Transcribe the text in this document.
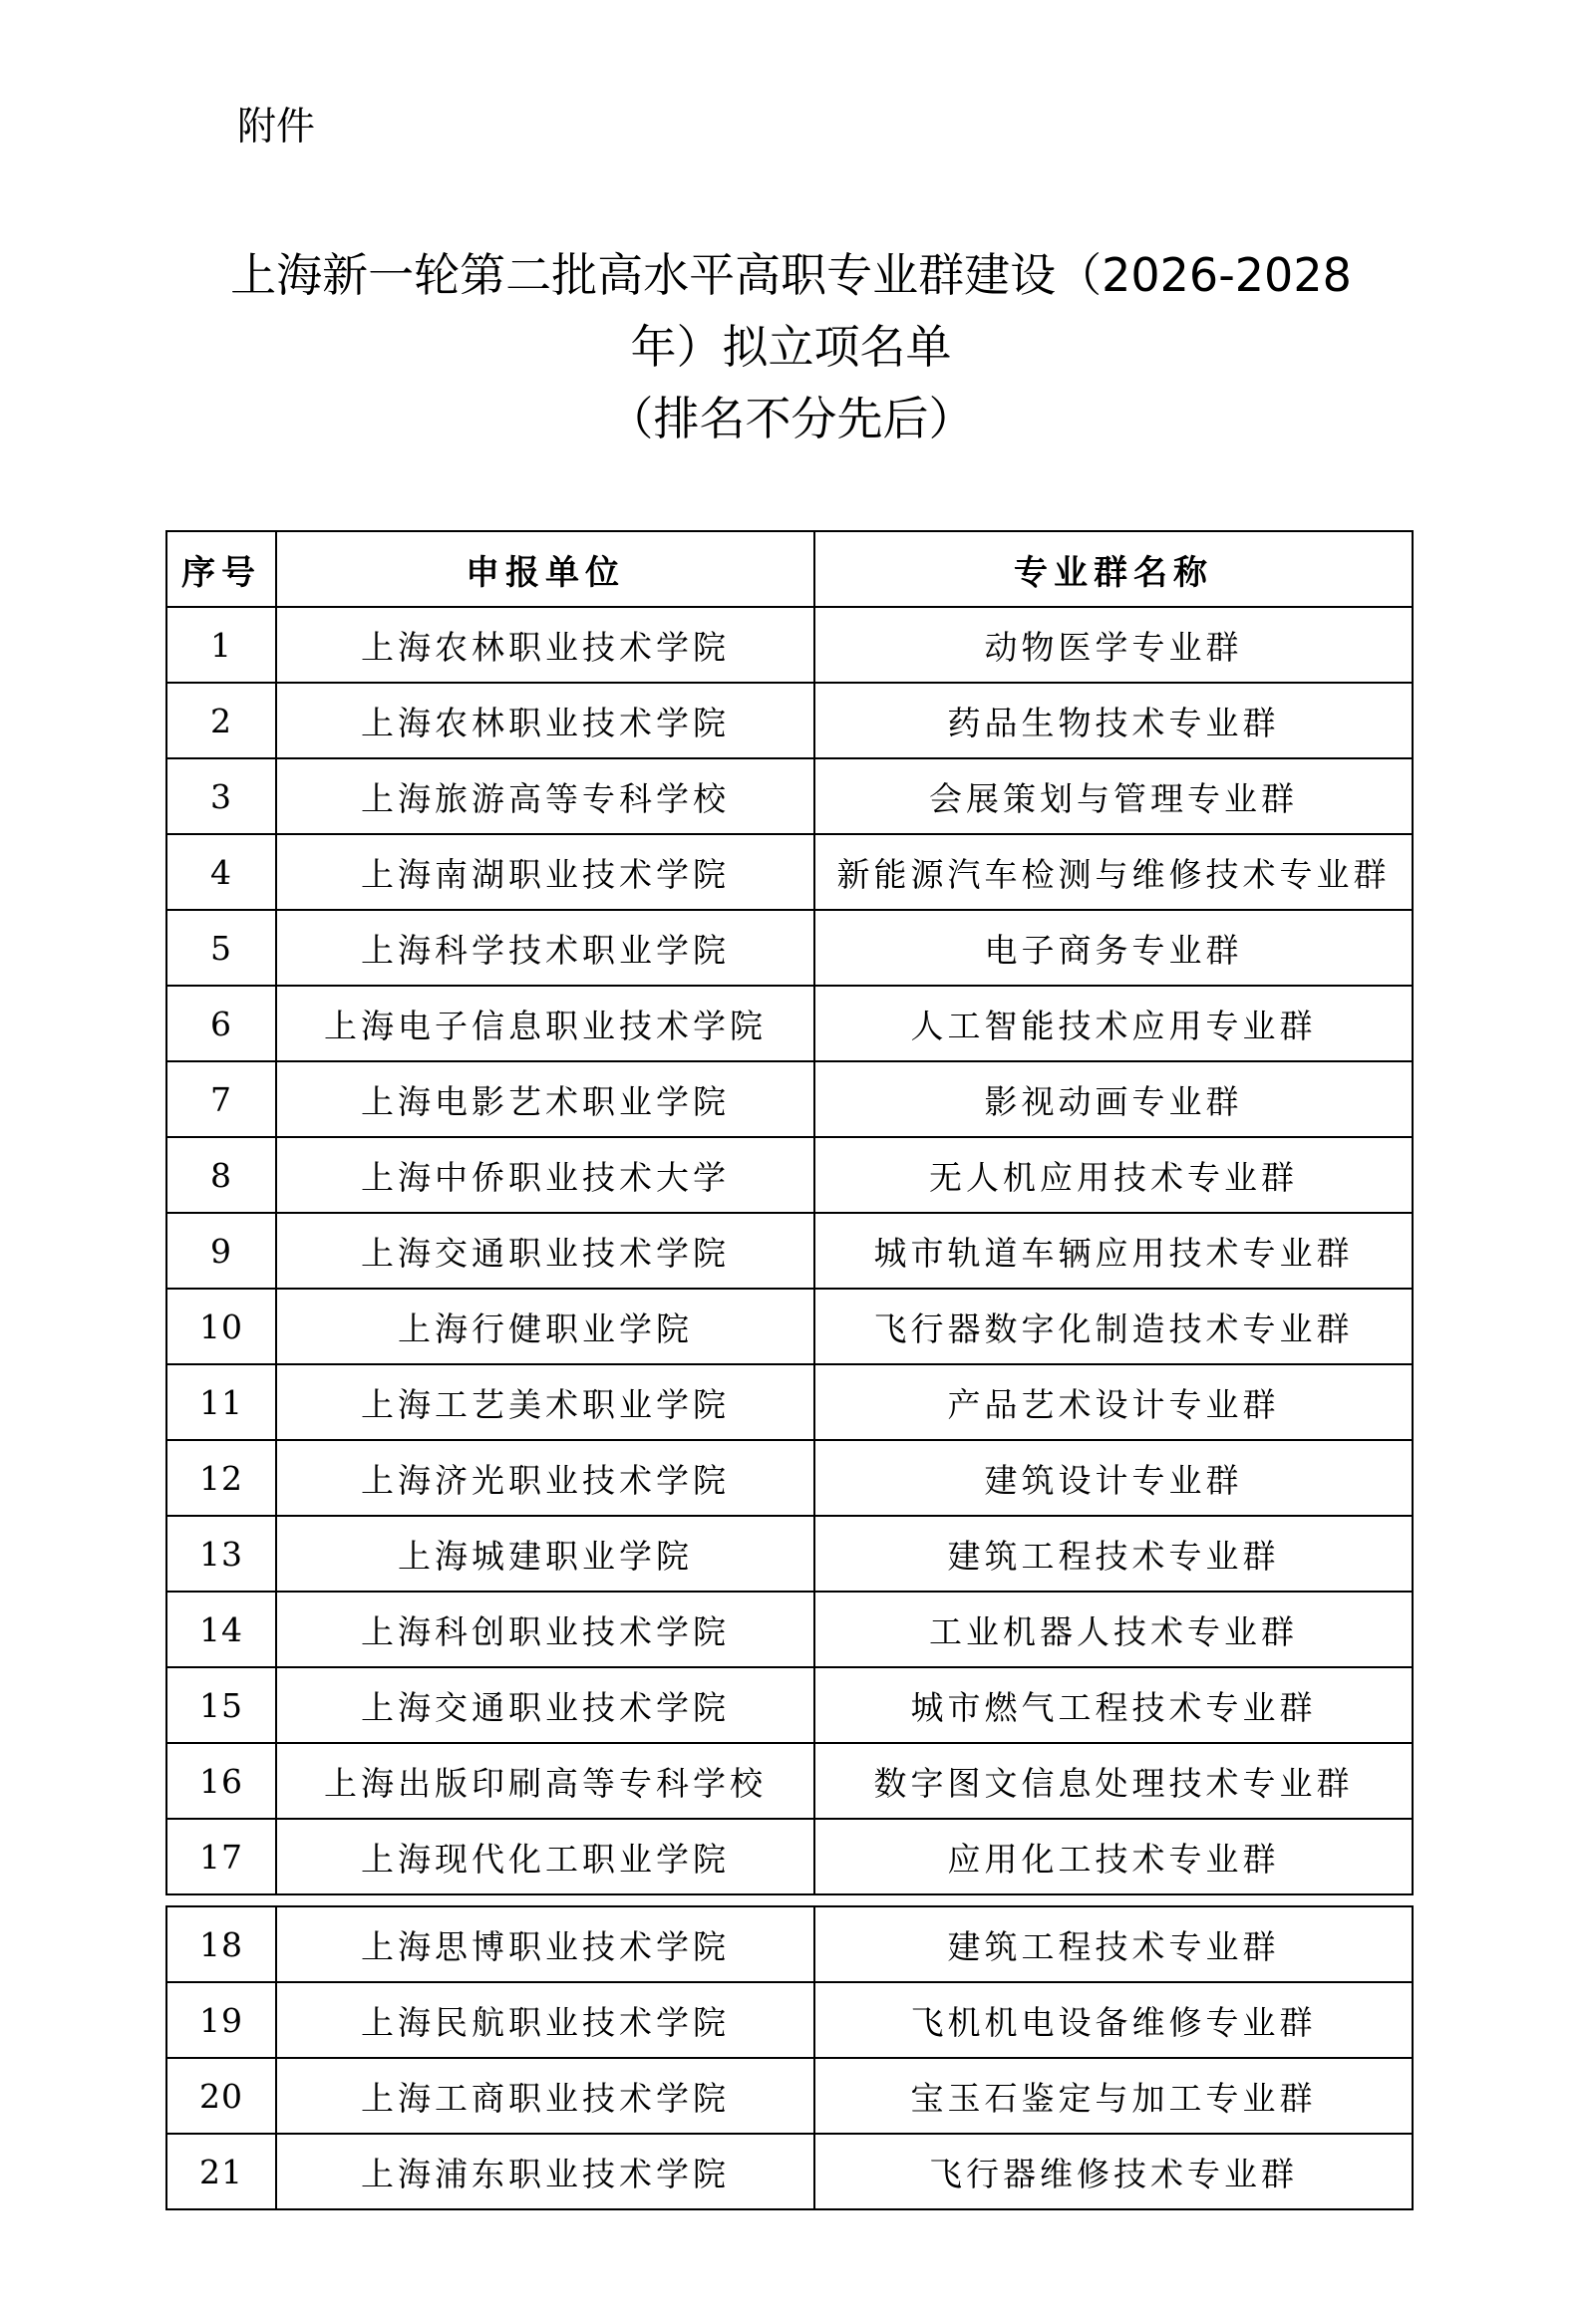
附件
上海新一轮第二批高水平高职专业群建设（2026-2028
年）拟立项名单
（排名不分先后）
序号	申报单位	专业群名称
1	上海农林职业技术学院	动物医学专业群
2	上海农林职业技术学院	药品生物技术专业群
3	上海旅游高等专科学校	会展策划与管理专业群
4	上海南湖职业技术学院	新能源汽车检测与维修技术专业群
5	上海科学技术职业学院	电子商务专业群
6	上海电子信息职业技术学院	人工智能技术应用专业群
7	上海电影艺术职业学院	影视动画专业群
8	上海中侨职业技术大学	无人机应用技术专业群
9	上海交通职业技术学院	城市轨道车辆应用技术专业群
10	上海行健职业学院	飞行器数字化制造技术专业群
11	上海工艺美术职业学院	产品艺术设计专业群
12	上海济光职业技术学院	建筑设计专业群
13	上海城建职业学院	建筑工程技术专业群
14	上海科创职业技术学院	工业机器人技术专业群
15	上海交通职业技术学院	城市燃气工程技术专业群
16	上海出版印刷高等专科学校	数字图文信息处理技术专业群
17	上海现代化工职业学院	应用化工技术专业群
18	上海思博职业技术学院	建筑工程技术专业群
19	上海民航职业技术学院	飞机机电设备维修专业群
20	上海工商职业技术学院	宝玉石鉴定与加工专业群
21	上海浦东职业技术学院	飞行器维修技术专业群
